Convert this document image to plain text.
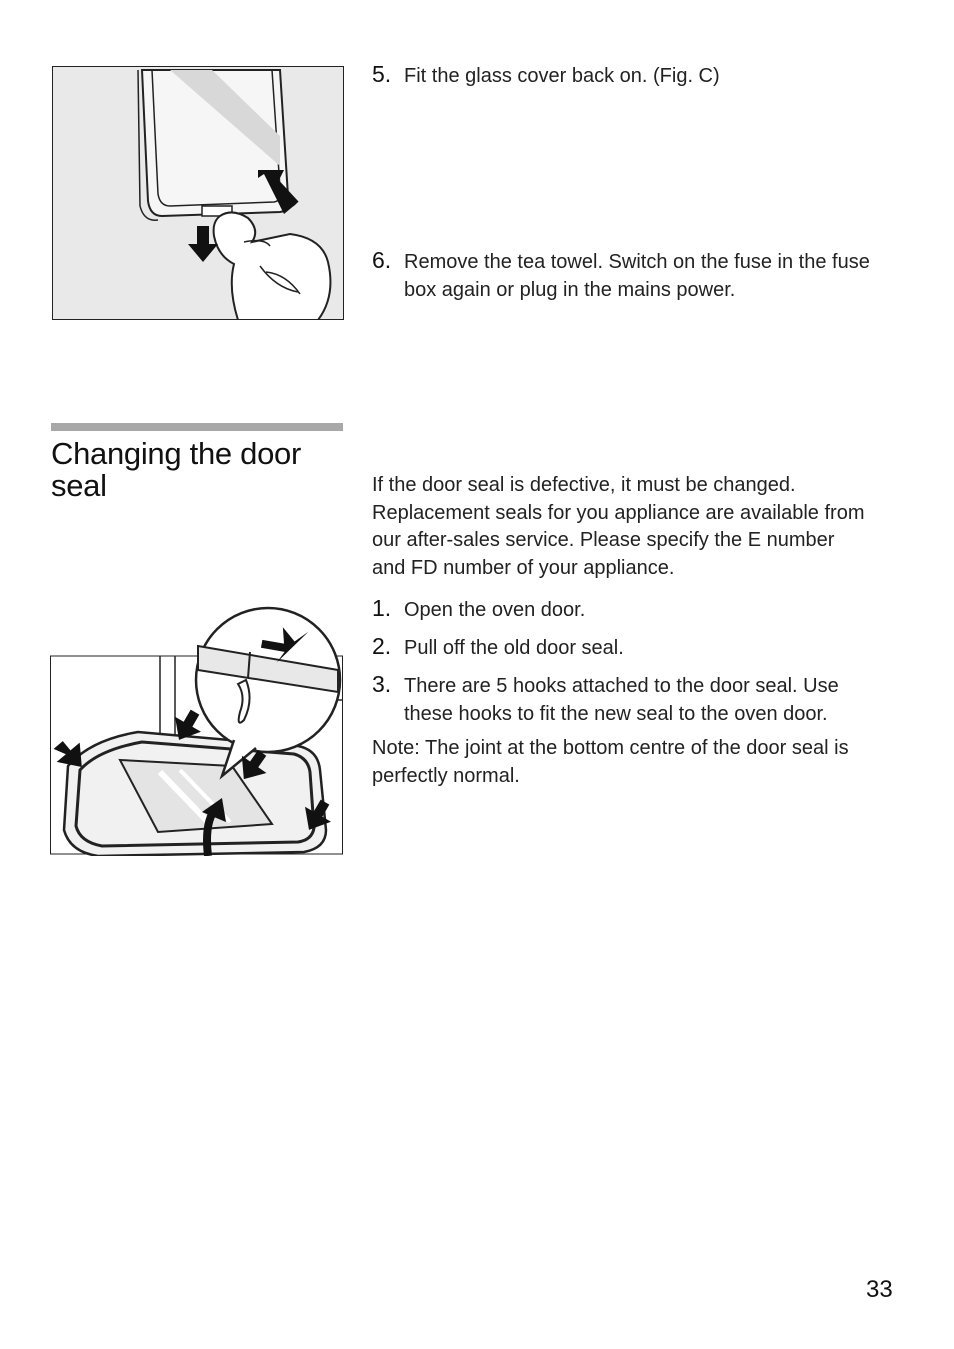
5. Fit the glass cover back on. (Fig. C)
6. Remove the tea towel. Switch on the fuse in the fuse box again or plug in the mains power.
Changing the door seal	If the door seal is defective, it must be changed. Replacement seals for you appliance are available from our after-sales service. Please specify the E number and FD number of your appliance.

1. Open the oven door.
2. Pull off the old door seal.
3. There are 5 hooks attached to the door seal. Use these hooks to fit the new seal to the oven door.

Note: The joint at the bottom centre of the door seal is perfectly normal.

33
